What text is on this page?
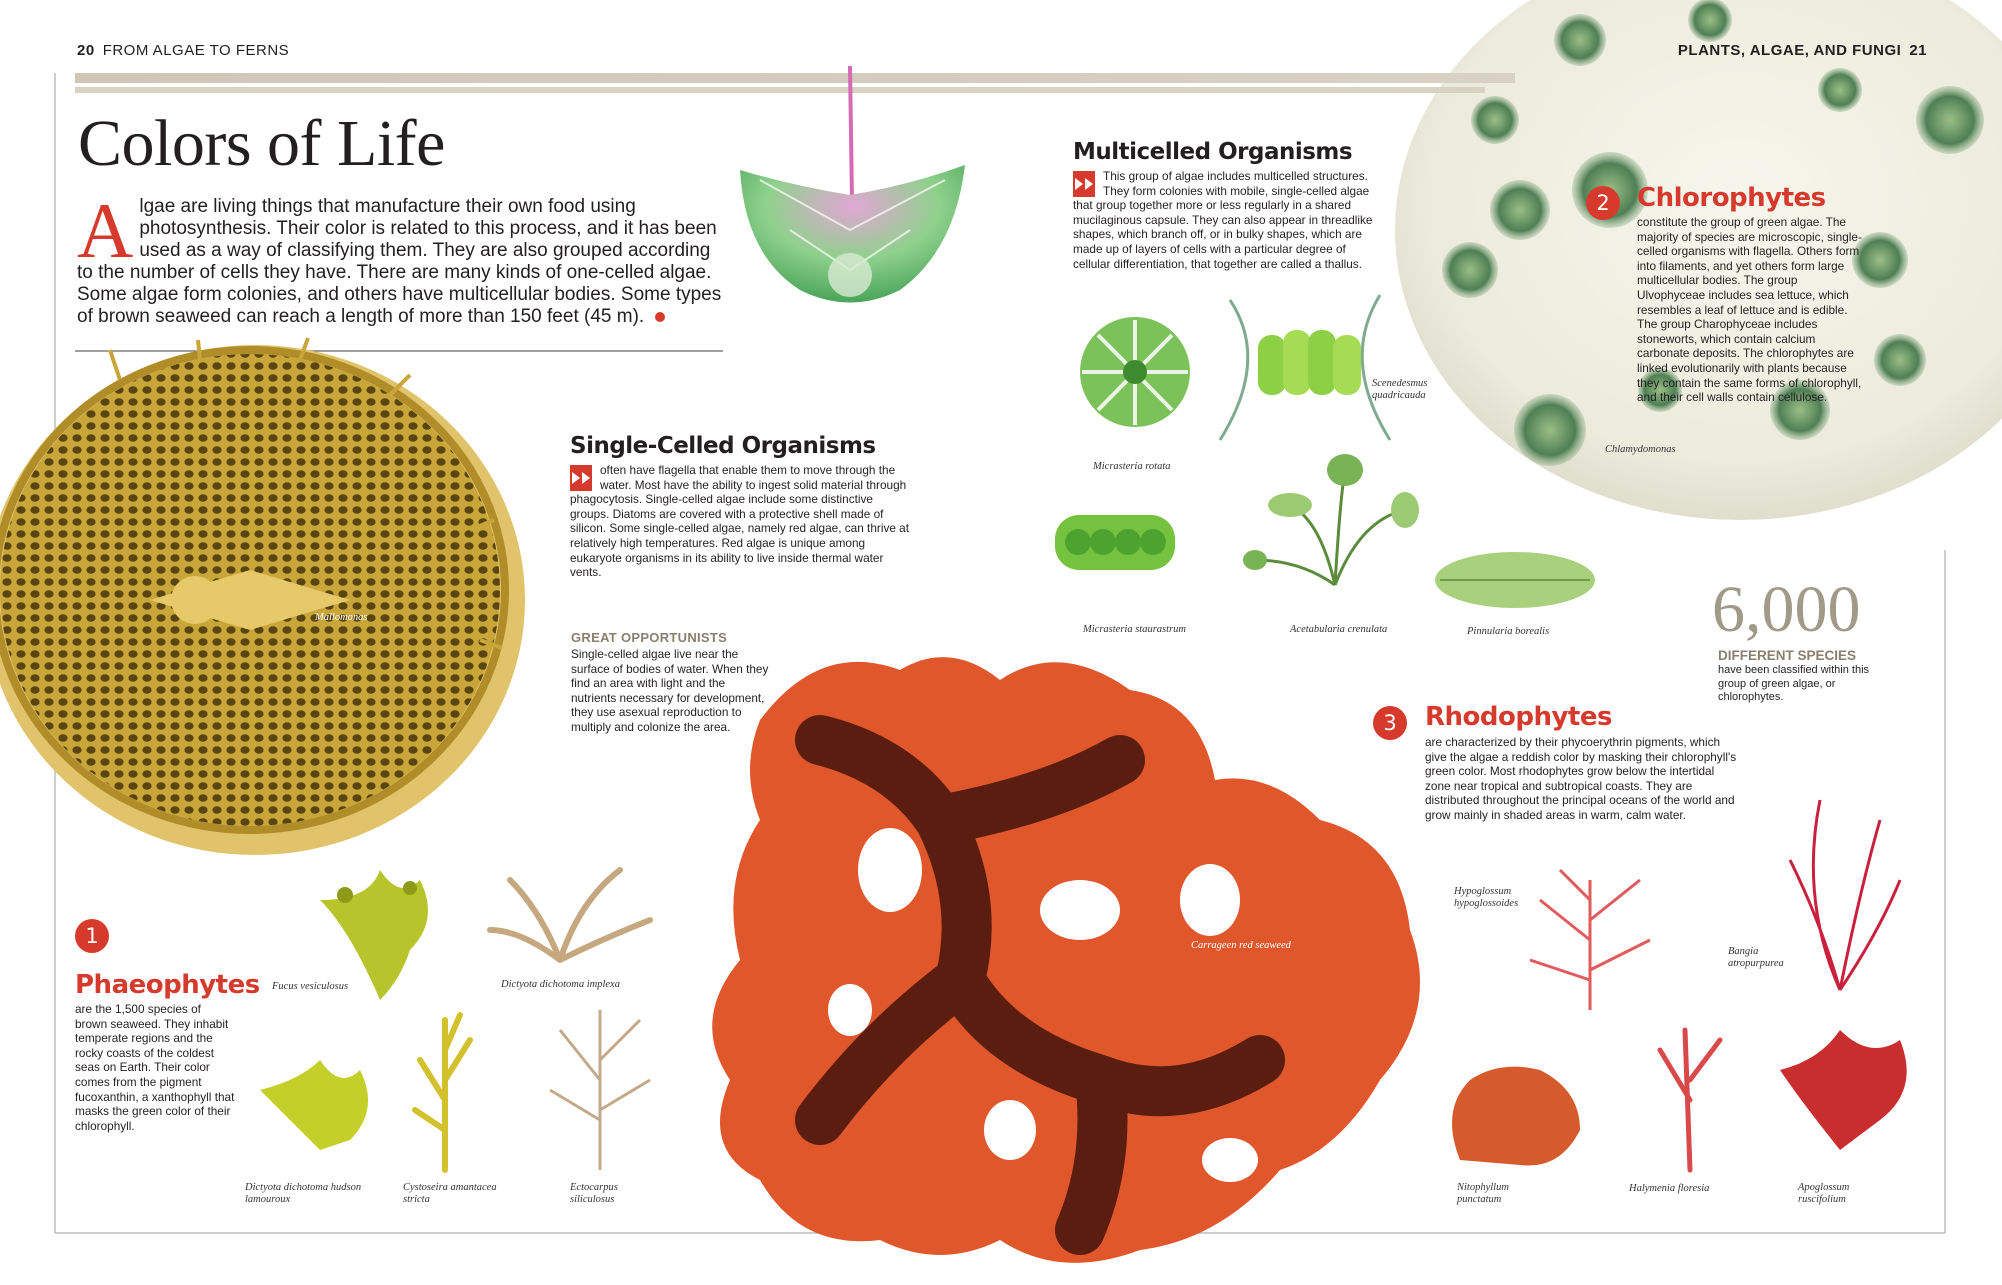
20 FROM ALGAE TO FERNS	PLANTS, ALGAE, AND FUNGI 21
Colors of Life
Algae are living things that manufacture their own food using photosynthesis. Their color is related to this process, and it has been used as a way of classifying them. They are also grouped according to the number of cells they have. There are many kinds of one-celled algae. Some algae form colonies, and others have multicellular bodies. Some types of brown seaweed can reach a length of more than 150 feet (45 m).
Single-Celled Organisms
often have flagella that enable them to move through the water. Most have the ability to ingest solid material through phagocytosis. Single-celled algae include some distinctive groups. Diatoms are covered with a protective shell made of silicon. Some single-celled algae, namely red algae, can thrive at relatively high temperatures. Red algae is unique among eukaryote organisms in its ability to live inside thermal water vents.
GREAT OPPORTUNISTS
Single-celled algae live near the surface of bodies of water. When they find an area with light and the nutrients necessary for development, they use asexual reproduction to multiply and colonize the area.
Multicelled Organisms
This group of algae includes multicelled structures. They form colonies with mobile, single-celled algae that group together more or less regularly in a shared mucilaginous capsule. They can also appear in threadlike shapes, which branch off, or in bulky shapes, which are made up of layers of cells with a particular degree of cellular differentiation, that together are called a thallus.
2	Chlorophytes
constitute the group of green algae. The majority of species are microscopic, single-celled organisms with flagella. Others form into filaments, and yet others form large multicellular bodies. The group Ulvophyceae includes sea lettuce, which resembles a leaf of lettuce and is edible. The group Charophyceae includes stoneworts, which contain calcium carbonate deposits. The chlorophytes are linked evolutionarily with plants because they contain the same forms of chlorophyll, and their cell walls contain cellulose.
6,000
DIFFERENT SPECIES
have been classified within this group of green algae, or chlorophytes.
3	Rhodophytes
are characterized by their phycoerythrin pigments, which give the algae a reddish color by masking their chlorophyll's green color. Most rhodophytes grow below the intertidal zone near tropical and subtropical coasts. They are distributed throughout the principal oceans of the world and grow mainly in shaded areas in warm, calm water.
1
Phaeophytes
are the 1,500 species of brown seaweed. They inhabit temperate regions and the rocky coasts of the coldest seas on Earth. Their color comes from the pigment fucoxanthin, a xanthophyll that masks the green color of their chlorophyll.
Mallomonas
Micrasteria rotata
Scenedesmus quadricauda
Chlamydomonas
Micrasteria staurastrum	Acetabularia crenulata	Pinnularia borealis
Carrageen red seaweed
Fucus vesiculosus	Dictyota dichotoma implexa
Dictyota dichotoma hudson lamourouх
Cystoseira amantacea stricta
Ectocarpus siliculosus
Hypoglossum hypoglossoides
Bangia atropurpurea
Nitophyllum punctatum
Halymenia floresia	Apoglossum ruscifolium
